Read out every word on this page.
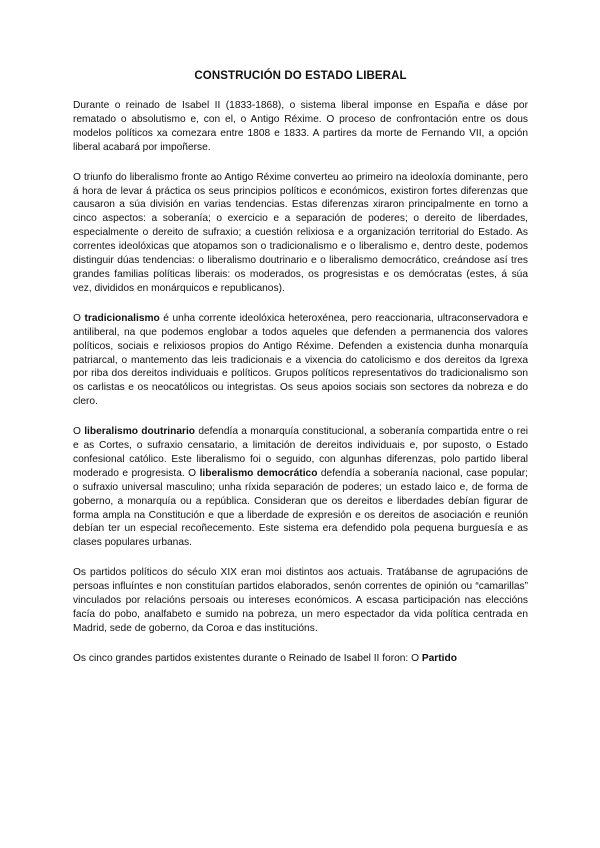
CONSTRUCIÓN DO ESTADO LIBERAL

Durante o reinado de Isabel II (1833-1868), o sistema liberal imponse en España e dáse por rematado o absolutismo e, con el, o Antigo Réxime. O proceso de confrontación entre os dous modelos políticos xa comezara entre 1808 e 1833. A partires da morte de Fernando VII, a opción liberal acabará por impoñerse.

O triunfo do liberalismo fronte ao Antigo Réxime converteu ao primeiro na ideoloxía dominante, pero á hora de levar á práctica os seus principios políticos e económicos, existiron fortes diferenzas que causaron a súa división en varias tendencias. Estas diferenzas xiraron principalmente en torno a cinco aspectos: a soberanía; o exercicio e a separación de poderes; o dereito de liberdades, especialmente o dereito de sufraxio; a cuestión relixiosa e a organización territorial do Estado. As correntes ideolóxicas que atopamos son o tradicionalismo e o liberalismo e, dentro deste, podemos distinguir dúas tendencias: o liberalismo doutrinario e o liberalismo democrático, creándose así tres grandes familias políticas liberais: os moderados, os progresistas e os demócratas (estes, á súa vez, divididos en monárquicos e republicanos).

O tradicionalismo é unha corrente ideolóxica heteroxénea, pero reaccionaria, ultraconservadora e antiliberal, na que podemos englobar a todos aqueles que defenden a permanencia dos valores políticos, sociais e relixiosos propios do Antigo Réxime. Defenden a existencia dunha monarquía patriarcal, o mantemento das leis tradicionais e a vixencia do catolicismo e dos dereitos da Igrexa por riba dos dereitos individuais e políticos. Grupos políticos representativos do tradicionalismo son os carlistas e os neocatólicos ou integristas. Os seus apoios sociais son sectores da nobreza e do clero.

O liberalismo doutrinario defendía a monarquía constitucional, a soberanía compartida entre o rei e as Cortes, o sufraxio censatario, a limitación de dereitos individuais e, por suposto, o Estado confesional católico. Este liberalismo foi o seguido, con algunhas diferenzas, polo partido liberal moderado e progresista. O liberalismo democrático defendía a soberanía nacional, case popular; o sufraxio universal masculino; unha ríxida separación de poderes; un estado laico e, de forma de goberno, a monarquía ou a república. Consideran que os dereitos e liberdades debían figurar de forma ampla na Constitución e que a liberdade de expresión e os dereitos de asociación e reunión debían ter un especial recoñecemento. Este sistema era defendido pola pequena burguesía e as clases populares urbanas.

Os partidos políticos do século XIX eran moi distintos aos actuais. Tratábanse de agrupacións de persoas influíntes e non constituían partidos elaborados, senón correntes de opinión ou “camarillas” vinculados por relacións persoais ou intereses económicos. A escasa participación nas eleccións facía do pobo, analfabeto e sumido na pobreza, un mero espectador da vida política centrada en Madrid, sede de goberno, da Coroa e das institucións.

Os cinco grandes partidos existentes durante o Reinado de Isabel II foron: O Partido
